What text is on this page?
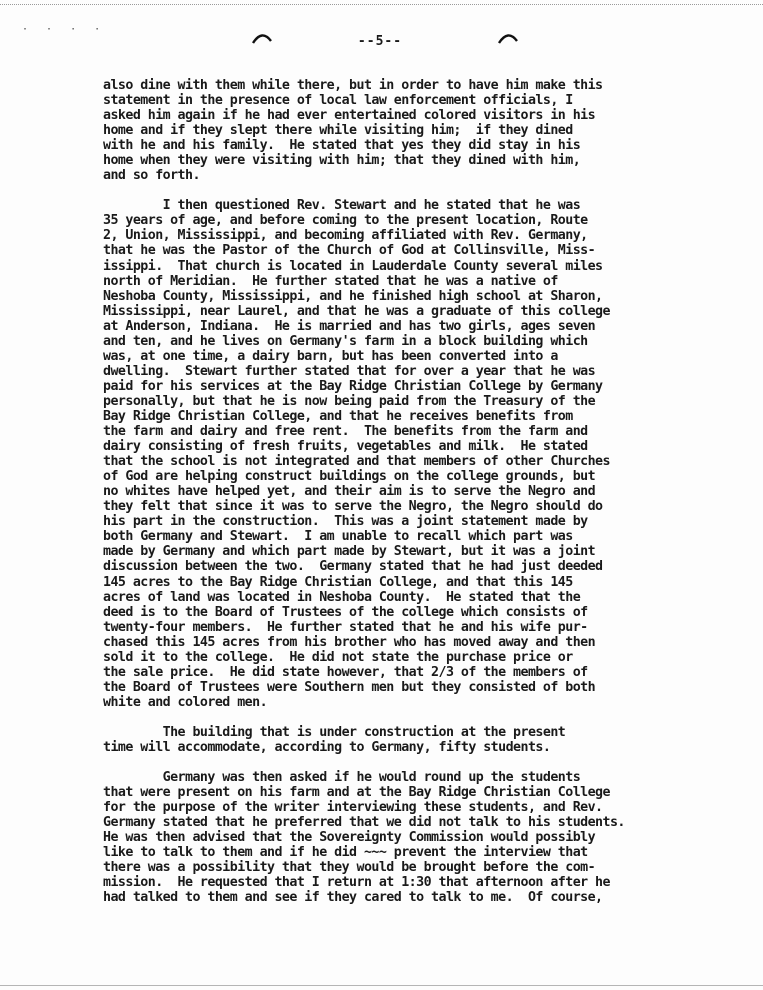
· · · ·
--5--

also dine with them while there, but in order to have him make this
statement in the presence of local law enforcement officials, I
asked him again if he had ever entertained colored visitors in his
home and if they slept there while visiting him;  if they dined
with he and his family.  He stated that yes they did stay in his
home when they were visiting with him; that they dined with him,
and so forth.

I then questioned Rev. Stewart and he stated that he was
35 years of age, and before coming to the present location, Route
2, Union, Mississippi, and becoming affiliated with Rev. Germany,
that he was the Pastor of the Church of God at Collinsville, Miss-
issippi.  That church is located in Lauderdale County several miles
north of Meridian.  He further stated that he was a native of
Neshoba County, Mississippi, and he finished high school at Sharon,
Mississippi, near Laurel, and that he was a graduate of this college
at Anderson, Indiana.  He is married and has two girls, ages seven
and ten, and he lives on Germany's farm in a block building which
was, at one time, a dairy barn, but has been converted into a
dwelling.  Stewart further stated that for over a year that he was
paid for his services at the Bay Ridge Christian College by Germany
personally, but that he is now being paid from the Treasury of the
Bay Ridge Christian College, and that he receives benefits from
the farm and dairy and free rent.  The benefits from the farm and
dairy consisting of fresh fruits, vegetables and milk.  He stated
that the school is not integrated and that members of other Churches
of God are helping construct buildings on the college grounds, but
no whites have helped yet, and their aim is to serve the Negro and
they felt that since it was to serve the Negro, the Negro should do
his part in the construction.  This was a joint statement made by
both Germany and Stewart.  I am unable to recall which part was
made by Germany and which part made by Stewart, but it was a joint
discussion between the two.  Germany stated that he had just deeded
145 acres to the Bay Ridge Christian College, and that this 145
acres of land was located in Neshoba County.  He stated that the
deed is to the Board of Trustees of the college which consists of
twenty-four members.  He further stated that he and his wife pur-
chased this 145 acres from his brother who has moved away and then
sold it to the college.  He did not state the purchase price or
the sale price.  He did state however, that 2/3 of the members of
the Board of Trustees were Southern men but they consisted of both
white and colored men.

The building that is under construction at the present
time will accommodate, according to Germany, fifty students.

Germany was then asked if he would round up the students
that were present on his farm and at the Bay Ridge Christian College
for the purpose of the writer interviewing these students, and Rev.
Germany stated that he preferred that we did not talk to his students.
He was then advised that the Sovereignty Commission would possibly
like to talk to them and if he did ~~~ prevent the interview that
there was a possibility that they would be brought before the com-
mission.  He requested that I return at 1:30 that afternoon after he
had talked to them and see if they cared to talk to me.  Of course,
